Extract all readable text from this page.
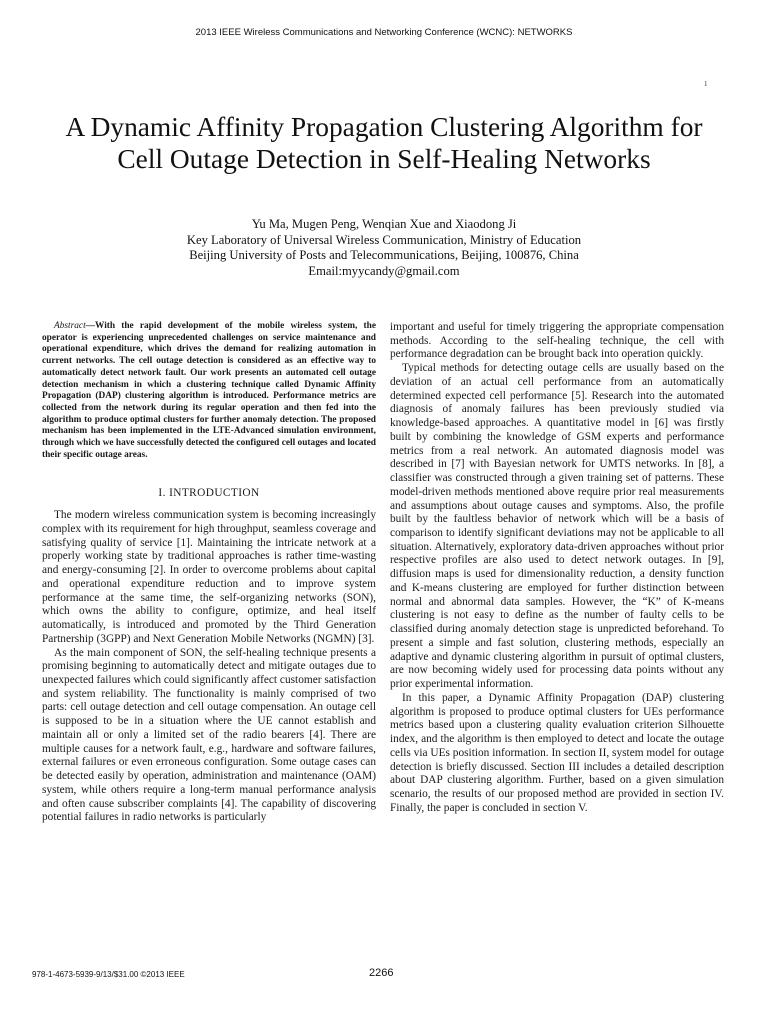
2013 IEEE Wireless Communications and Networking Conference (WCNC): NETWORKS
1
A Dynamic Affinity Propagation Clustering Algorithm for Cell Outage Detection in Self-Healing Networks
Yu Ma, Mugen Peng, Wenqian Xue and Xiaodong Ji
Key Laboratory of Universal Wireless Communication, Ministry of Education
Beijing University of Posts and Telecommunications, Beijing, 100876, China
Email:myycandy@gmail.com

Abstract—With the rapid development of the mobile wireless system, the operator is experiencing unprecedented challenges on service maintenance and operational expenditure, which drives the demand for realizing automation in current networks. The cell outage detection is considered as an effective way to automatically detect network fault. Our work presents an automated cell outage detection mechanism in which a clustering technique called Dynamic Affinity Propagation (DAP) clustering algorithm is introduced. Performance metrics are collected from the network during its regular operation and then fed into the algorithm to produce optimal clusters for further anomaly detection. The proposed mechanism has been implemented in the LTE-Advanced simulation environment, through which we have successfully detected the configured cell outages and located their specific outage areas.

I. INTRODUCTION

The modern wireless communication system is becoming increasingly complex with its requirement for high throughput, seamless coverage and satisfying quality of service [1]. Maintaining the intricate network at a properly working state by traditional approaches is rather time-wasting and energy-consuming [2]. In order to overcome problems about capital and operational expenditure reduction and to improve system performance at the same time, the self-organizing networks (SON), which owns the ability to configure, optimize, and heal itself automatically, is introduced and promoted by the Third Generation Partnership (3GPP) and Next Generation Mobile Networks (NGMN) [3].

As the main component of SON, the self-healing technique presents a promising beginning to automatically detect and mitigate outages due to unexpected failures which could significantly affect customer satisfaction and system reliability. The functionality is mainly comprised of two parts: cell outage detection and cell outage compensation. An outage cell is supposed to be in a situation where the UE cannot establish and maintain all or only a limited set of the radio bearers [4]. There are multiple causes for a network fault, e.g., hardware and software failures, external failures or even erroneous configuration. Some outage cases can be detected easily by operation, administration and maintenance (OAM) system, while others require a long-term manual performance analysis and often cause subscriber complaints [4]. The capability of discovering potential failures in radio networks is particularly

important and useful for timely triggering the appropriate compensation methods. According to the self-healing technique, the cell with performance degradation can be brought back into operation quickly.

Typical methods for detecting outage cells are usually based on the deviation of an actual cell performance from an automatically determined expected cell performance [5]. Research into the automated diagnosis of anomaly failures has been previously studied via knowledge-based approaches. A quantitative model in [6] was firstly built by combining the knowledge of GSM experts and performance metrics from a real network. An automated diagnosis model was described in [7] with Bayesian network for UMTS networks. In [8], a classifier was constructed through a given training set of patterns. These model-driven methods mentioned above require prior real measurements and assumptions about outage causes and symptoms. Also, the profile built by the faultless behavior of network which will be a basis of comparison to identify significant deviations may not be applicable to all situation. Alternatively, exploratory data-driven approaches without prior respective profiles are also used to detect network outages. In [9], diffusion maps is used for dimensionality reduction, a density function and K-means clustering are employed for further distinction between normal and abnormal data samples. However, the “K” of K-means clustering is not easy to define as the number of faulty cells to be classified during anomaly detection stage is unpredicted beforehand. To present a simple and fast solution, clustering methods, especially an adaptive and dynamic clustering algorithm in pursuit of optimal clusters, are now becoming widely used for processing data points without any prior experimental information.

In this paper, a Dynamic Affinity Propagation (DAP) clustering algorithm is proposed to produce optimal clusters for UEs performance metrics based upon a clustering quality evaluation criterion Silhouette index, and the algorithm is then employed to detect and locate the outage cells via UEs position information. In section II, system model for outage detection is briefly discussed. Section III includes a detailed description about DAP clustering algorithm. Further, based on a given simulation scenario, the results of our proposed method are provided in section IV. Finally, the paper is concluded in section V.

978-1-4673-5939-9/13/$31.00 ©2013 IEEE	2266
